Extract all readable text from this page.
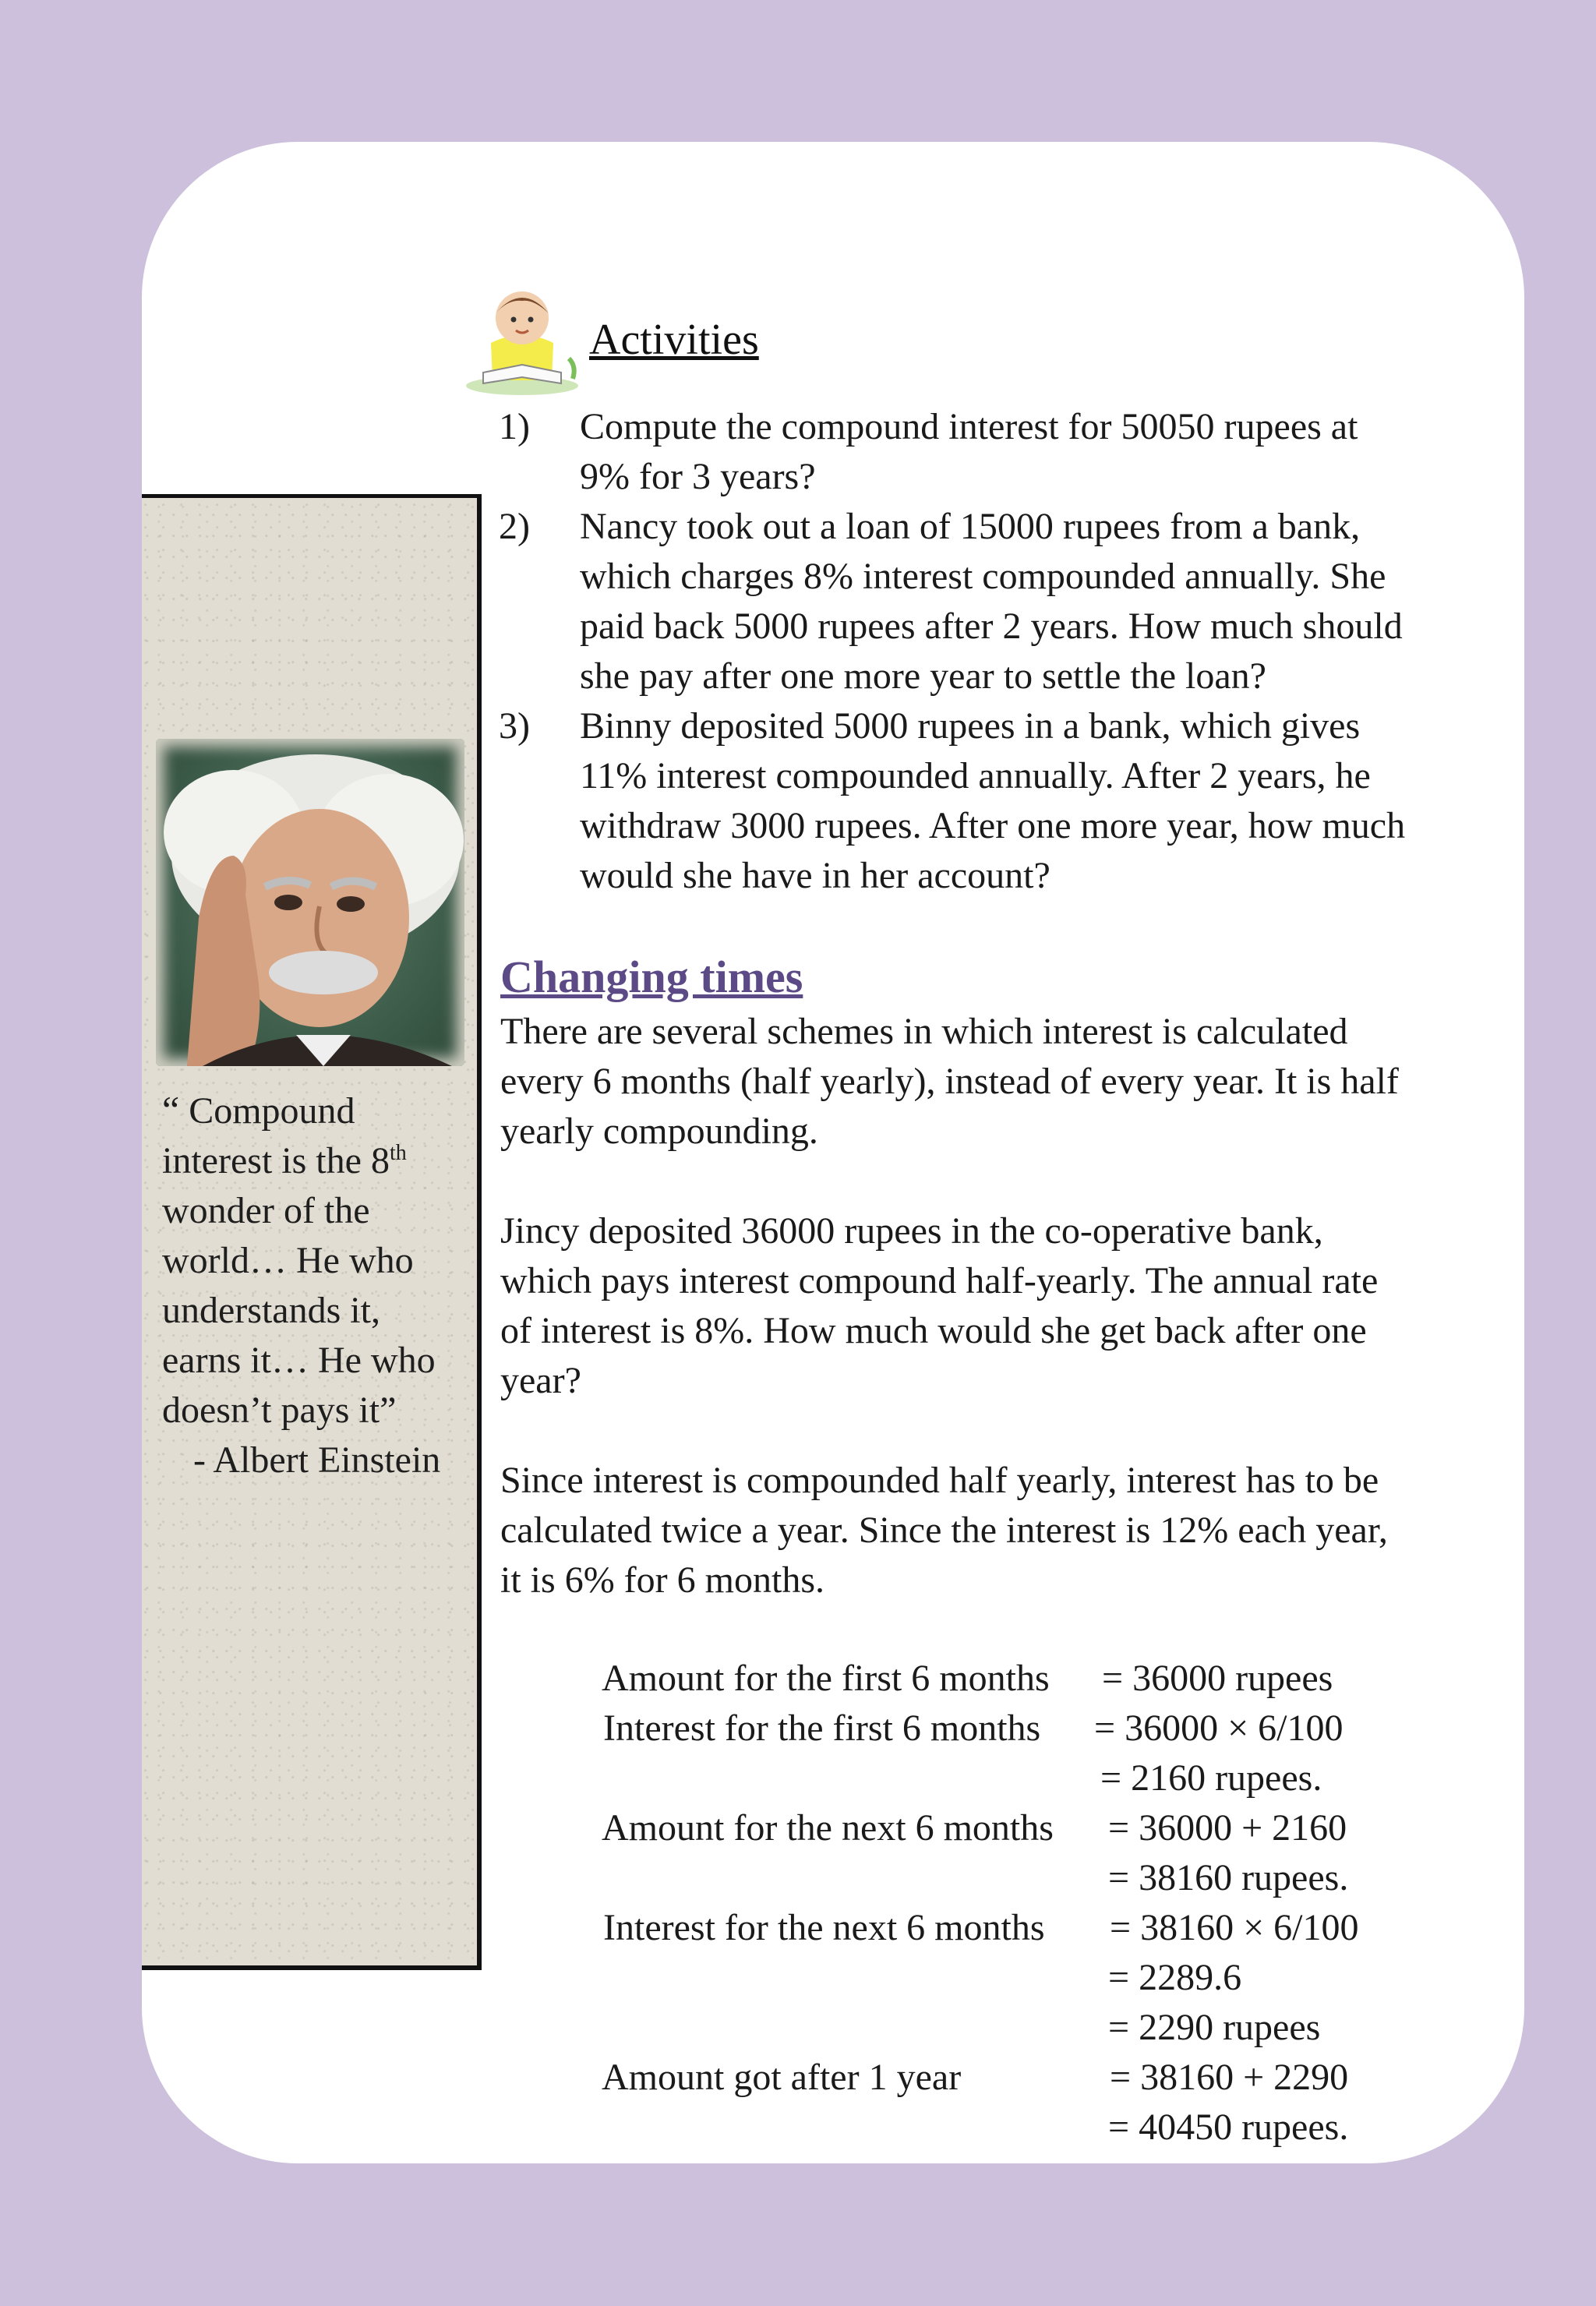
“ Compound
interest is the 8th
wonder of the
world… He who
understands it,
earns it… He who
doesn’t pays it”

- Albert Einstein
Activities
1) Compute the compound interest for 50050 rupees at
9% for 3 years?
2) Nancy took out a loan of 15000 rupees from a bank,
which charges 8% interest compounded annually. She
paid back 5000 rupees after 2 years. How much should
she pay after one more year to settle the loan?
3) Binny deposited 5000 rupees in a bank, which gives
11% interest compounded annually. After 2 years, he
withdraw 3000 rupees. After one more year, how much
would she have in her account?
Changing times
There are several schemes in which interest is calculated
every 6 months (half yearly), instead of every year. It is half
yearly compounding.
Jincy deposited 36000 rupees in the co-operative bank,
which pays interest compound half-yearly. The annual rate
of interest is 8%. How much would she get back after one
year?
Since interest is compounded half yearly, interest has to be
calculated twice a year. Since the interest is 12% each year,
it is 6% for 6 months.
Amount for the first 6 months = 36000 rupees
Interest for the first 6 months = 36000 × 6/100
= 2160 rupees.
Amount for the next 6 months = 36000 + 2160
= 38160 rupees.
Interest for the next 6 months = 38160 × 6/100
= 2289.6
= 2290 rupees
Amount got after 1 year	= 38160 + 2290
= 40450 rupees.
